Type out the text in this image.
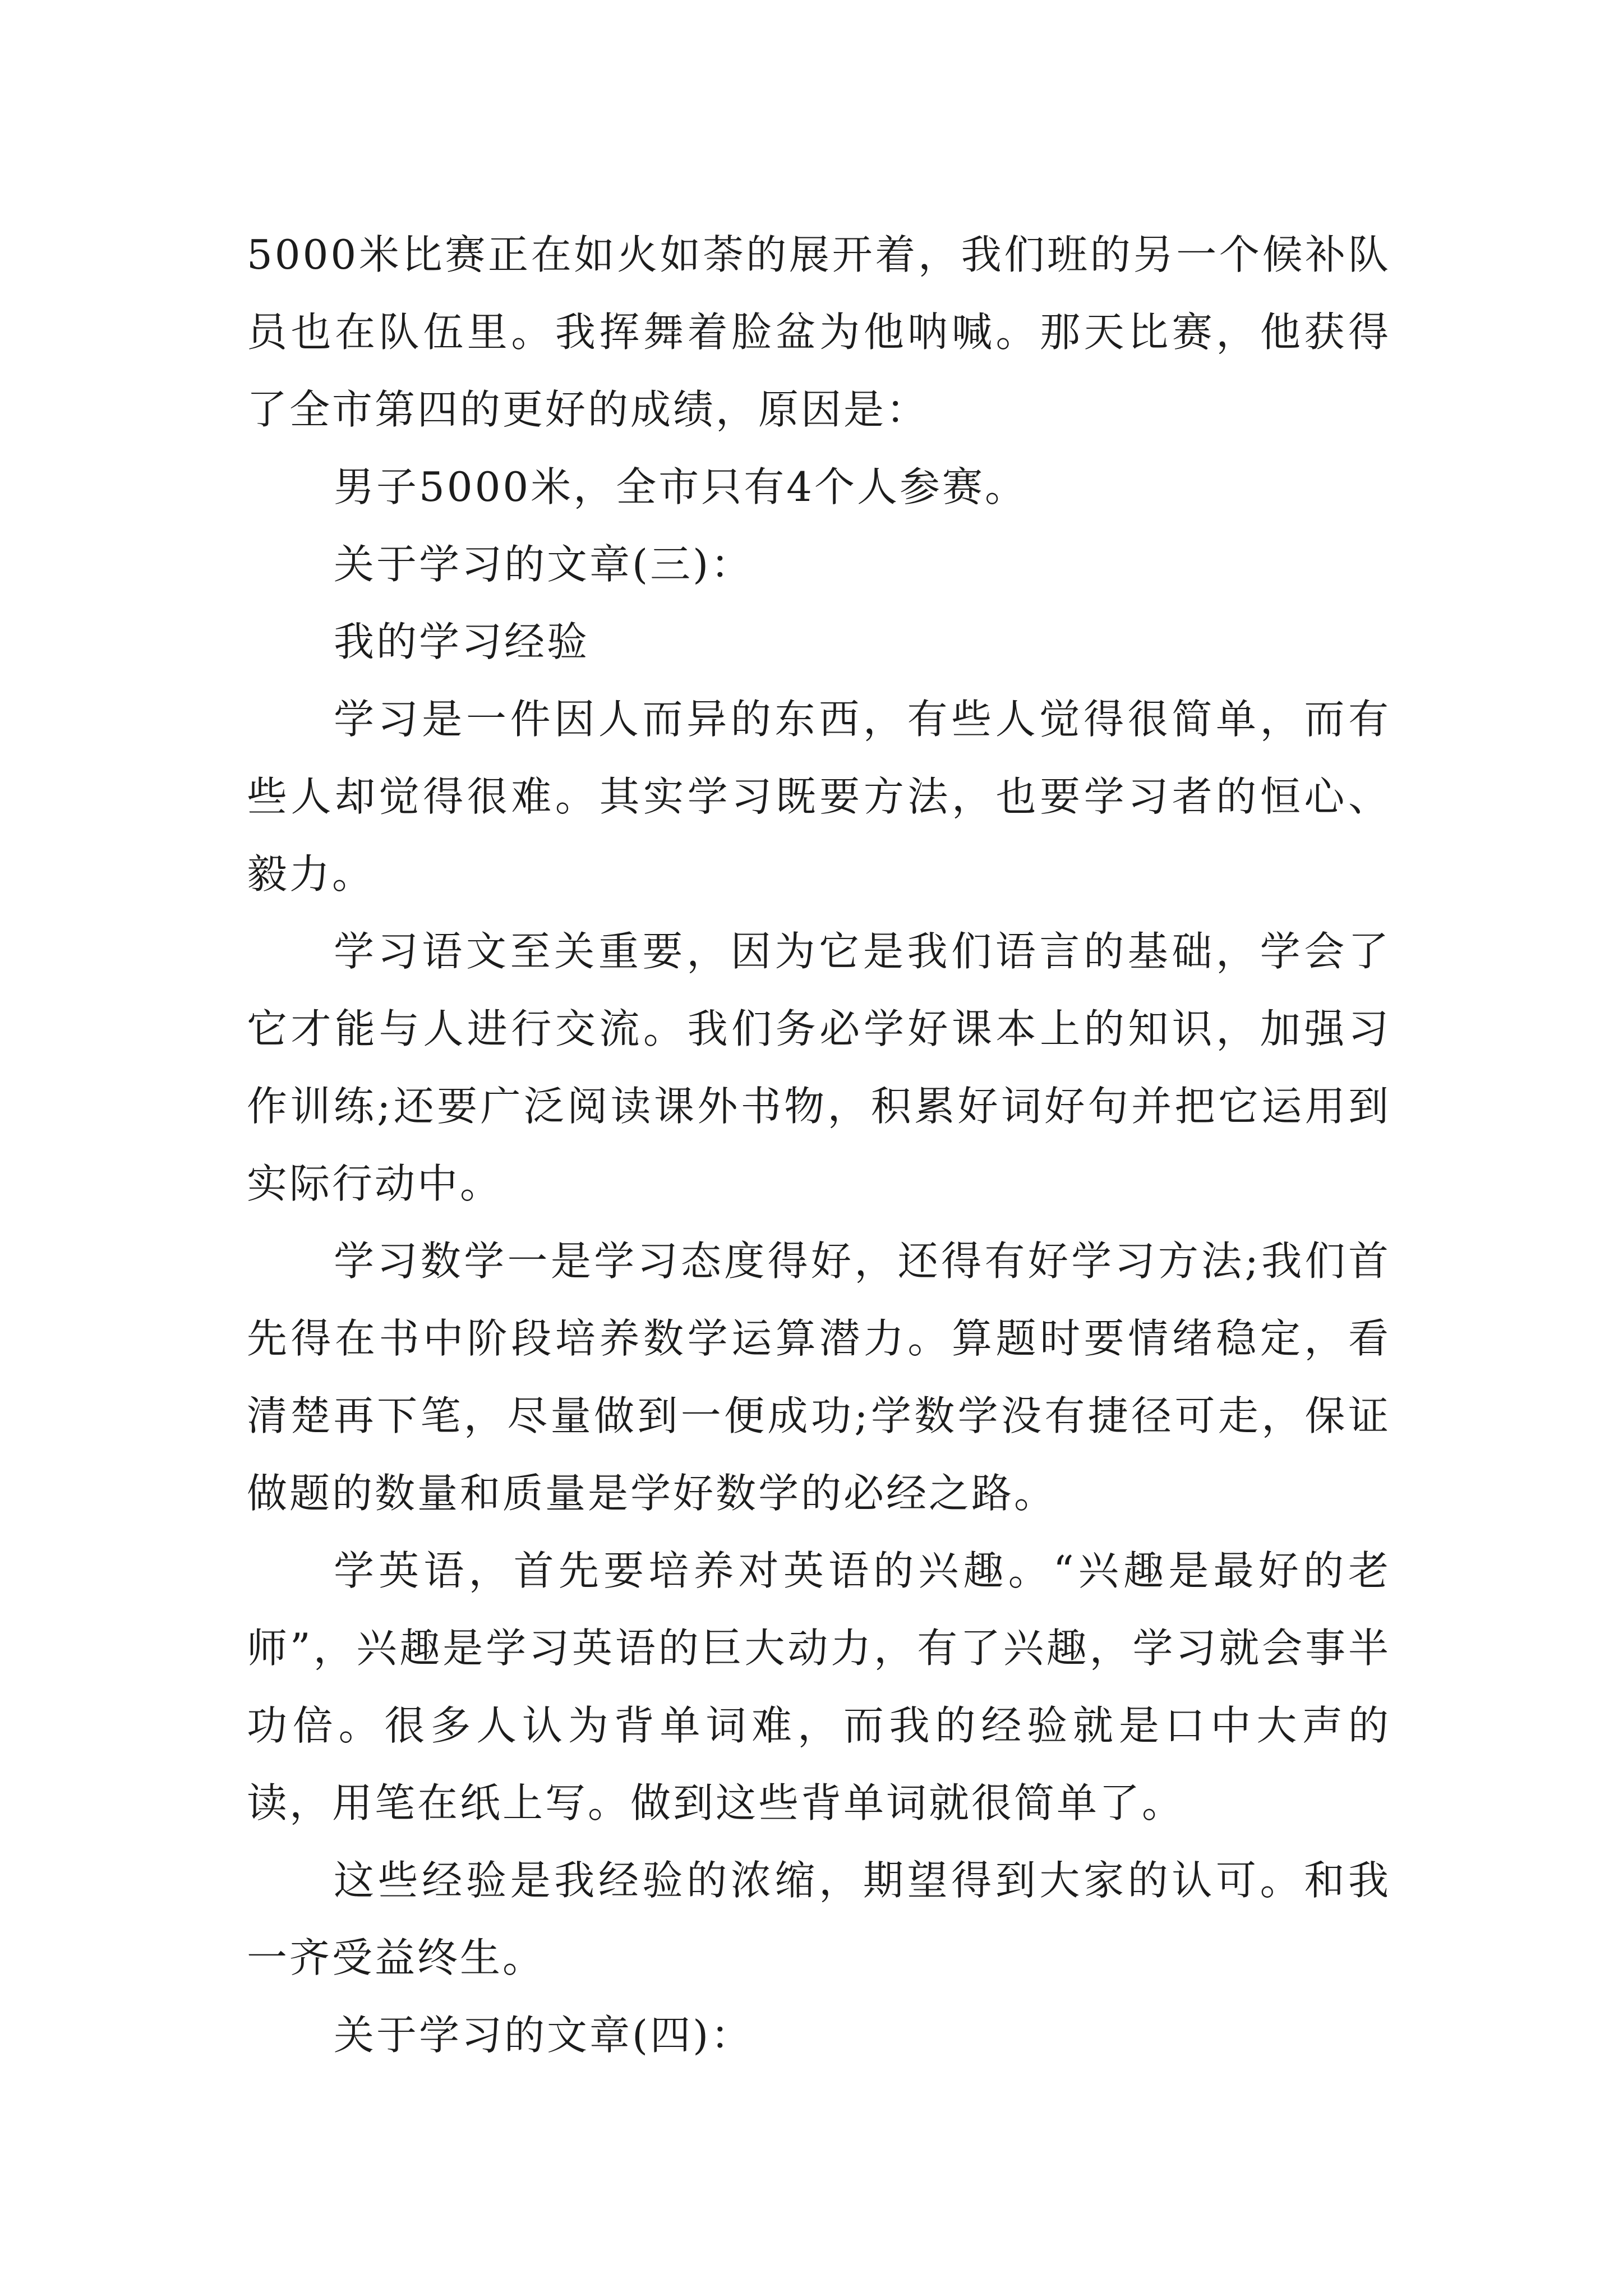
5000米比赛正在如火如荼的展开着，我们班的另一个候补队员也在队伍里。我挥舞着脸盆为他呐喊。那天比赛，他获得了全市第四的更好的成绩，原因是：

男子5000米，全市只有4个人参赛。

关于学习的文章(三)：

我的学习经验

学习是一件因人而异的东西，有些人觉得很简单，而有些人却觉得很难。其实学习既要方法，也要学习者的恒心、毅力。

学习语文至关重要，因为它是我们语言的基础，学会了它才能与人进行交流。我们务必学好课本上的知识，加强习作训练;还要广泛阅读课外书物，积累好词好句并把它运用到实际行动中。

学习数学一是学习态度得好，还得有好学习方法;我们首先得在书中阶段培养数学运算潜力。算题时要情绪稳定，看清楚再下笔，尽量做到一便成功;学数学没有捷径可走，保证做题的数量和质量是学好数学的必经之路。

学英语，首先要培养对英语的兴趣。“兴趣是最好的老师”，兴趣是学习英语的巨大动力，有了兴趣，学习就会事半功倍。很多人认为背单词难，而我的经验就是口中大声的读，用笔在纸上写。做到这些背单词就很简单了。

这些经验是我经验的浓缩，期望得到大家的认可。和我一齐受益终生。

关于学习的文章(四)：
